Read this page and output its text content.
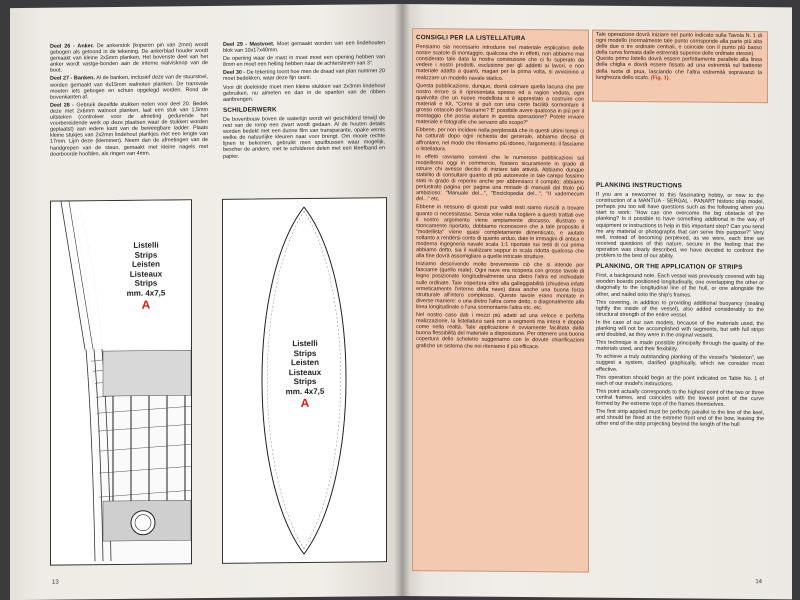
Deel 26 - Anker. De ankerstok (koperen pin van 2mm) wordt gebogen als getoond in de tekening. De ankerblad houder wordt gemaakt van kleine 2x5mm planken, Het bovenste deel van het anker wordt vastge-bonden aan de interne walvisknop van de boot.

Deel 27 - Banken. Al de banken, inclusief deze van de stuurstoel, worden gemaakt van 4x15mm walnoten planken. De transvale moeten iets gebogen en schuin opgelegd worden. Rond de bovenkanten af.

Deel 28 - Gebruik dezelfde stukken noten voor deel 20. Bedek deze met 2x6mm walnoot planken, laat een stuk van 1,5mm uitsteken (controleer voor de afmeting gedurende het voorbereidende werk op deze plaatsen waar de stukken worden geplaatst) aan iedere kant van de beweegbare ladder. Plaats kleine stukjes van 2x2mm lindehout plankjes met een lengte van 17mm. Lijm deze (klemmen). Neem dan de afmetingen van de handgrepen van de steun, gemaakt met kleine nagels met doorboorde hoofden, als ringen van 4mm.

Deel 29 - Mastvoet. Moet gemaakt worden van een lindehouten blok van 10x17x40mm.

De opening waar de mast in moet moet een opening hebben van 8mm en moet een helling hebben naar de achtersteven van 3°.

Deel 30 - De tekening toont hoe men de draad van plan nummer 20 moet bedekken, waar deze fijn rasnt.

Voor dit doeleinde moet men kleine stukken van 2x3mm lindehout gebruiken, nu almeten en dan in de spanten van de ribben aanbrengen.

SCHILDERWERK

De bovenbouw boven de waterlijn wordt wit geschilderd terwijl de rest van de romp een zwart wordt gedaan. Al de houten details worden bedekt met een dunne film van transparante, opake vernis welke de natuurlijke kleuren naar voor brengt. Om mooie rechte lijnen te bekomen, gebruikt men spuitbussen waar mogelijk, bescher de andere, met te schilderen delen met een kleefband en papier.

Listelli
Strips
Leisten
Listeaux
Strips
mm. 4x7,5
A
Listelli
Strips
Leisten
Listeaux
Strips
mm. 4x7,5
A
13
CONSIGLI PER LA LISTELLATURA

Pensiamo sia necessario introdurre nel materiale esplicativo delle nostre scatole di montaggio, qualcosa che in effetti, non abbiamo mai considerato tale data la nostra convinzione che ci fu superato da vedere i nostri prodotti, esclusione per gli addetti ai lavori, e non materiale adatto a quanti, magari per la prima volta, si avvicinino a realizzare un modello navale statico.

Questa pubblicazione, dunque, dovrà colmare quella lacuna che per nostro errore si è ripresentata spesso ed a ragion veduta, ogni qualvolta che un nuovo modellista si è apprestato a costruire con materiali e Kit, "Come si può con una certe facilità sormontare il grosso ostacolo del fasciame? E' possibile avere qualcosa in più per il montaggio che possa aiutare in questa operazione? Potete inviare materiale e fotografie che servano allo scopo?"

Ebbene, per non incidere nella perplessità che in questi ultimi tempi ci ha catturati dopo ogni richiesta dei generale, abbiamo deciso di affrontare, nel modo che riteniamo più idoneo, l'argomento: il fasciame o listellatura.

In effetti ravviamo convinti che le numerose pubblicazioni sul modellismo oggi in commercio, fossero sicuramente in grado di istruire chi avesse deciso di iniziare tale attività. Abbiamo dunque stabilito di consultare quanto di più autorevole in tale campo fossimo stati in grado di reperire anche per abbreviarci il compito; abbiamo perlustrato pagina per pagina una miriade di manuali dal titolo più ambizioso: "Manuale del...", "Enciclopedia del...", "Il vademecum del..." etc.

Ebbene in nessuno di questi pur validi testi siamo riusciti a trovare quanto ci necessitasse. Senza voler nulla togliere a questi trattati ove il nostro argomento viene ampiamente discusso, illustrato e storicamente riportato, dobbiamo riconoscere che a tale proposito il "modellista" viene quasi completamente dimenticato, e aiutato soltanto a rendersi conto di quanto arduo, date le immagini di antica e moderna ingegneria navale scala 1:1 riportate sui testi di cui prima abbiamo detto, sia il realizzare seppur in scala ridotta qualcosa che alla fine dovrà assomigliare a quelle intricate strutture.

Iniziamo descrivendo molto brevemente ciò che si intende per fasciame (quello reale). Ogni nave era ricoperta con grosse tavole di legno posizionate longitudinalmente una dietro l'altra ed inchiodate sulle ordinate. Tale copertura oltre alla galleggiabilità (chiudeva infatti ermeticamente l'interno della nave) dava anche una buona forza strutturale all'intero complesso. Queste tavole erano montate in diverse maniere: o una dietro l'altra come detto, o diagonalmente alla linea longitudinale o l'una sormontante l'altra etc. etc.

Nel nostro caso dati i mezzi più adatti ad una veloce e perfetta realizzazione, la listellatura sarà non a segmenti ma intera e doppia come nella realtà. Tale applicazione è ovviamente facilitata dalla buona flessibilità del materiale a disposizione. Per ottenere una buona copertura dello scheletro suggeriamo con le dovute chiarificazioni grafiche un sistema che noi riteniamo il più efficace.

Tale operazione dovrà iniziare nel punto indicato sulla Tavola N. 1 di ogni modello (normalmente tale punto corrisponde alla parte più alta delle due o tre ordinate centrali, e coincide con il punto più basso della curva formata dalle estremità superiori delle ordinate stesse).
Questo primo listello dovrà essere perfettamente parallelo alla linea della chiglia e dovrà essere fissato ad una estremità sul battente della ruota di prua, lasciando che l'altra estremità sopravanzi la lunghezza dello scafo. (Fig. 1).

PLANKING INSTRUCTIONS

If you are a newcomer to this fascinating hobby, or new to the construction of a MANTUA - SERGAL - PANART historic ship model, perhaps you too will have questions such as the following when you start to work: "How can one overcome the big obstacle of the planking? Is it possible to have something additional in the way of equipment or instructions to help in this important step? Can you send me any material or photographs that can serve this purpose?" Very well, instead of becoming perplexed, as we were, each time we received questions of this nature, secure in the feeling that the operation was clearly described, we have decided to confront the problem to the best of our ability.

PLANKING, OR THE APPLICATION OF STRIPS

First, a background note. Each vessel was previously covered with big wooden boards positioned longitudinally, one overlapping the other or diagonally to the longitudinal line of the hull, or one alongside the other, and nailed onto the ship's frames.

This covering, in addition to providing additional buoyancy (sealing tightly the inside of the vessel), also added considerably to the structural strength of the entire vessel.

In the case of our own models, because of the materials used, the planking will not be accomplished with segments, but with full strips and doubled, as they were in the original vessels.

This technique is made possible principally through the quality of the materials used, and their flexibility.

To achieve a truly outstanding planking of the vessel's "skeleton", we suggest a system, clarified graphically, which we consider most effective.

This operation should begin at the point indicated on Table No. 1 of each of our model's instructions.

This point actually corresponds to the highest point of the two or three central frames, and coincides with the lowest point of the curve formed by the extreme tops of the frames themselves.

The first strip applied must be perfectly parallel to the line of the keel, and should be fixed at the extreme front end of the bow, leaving the other end of the strip projecting beyond the length of the hull

14
